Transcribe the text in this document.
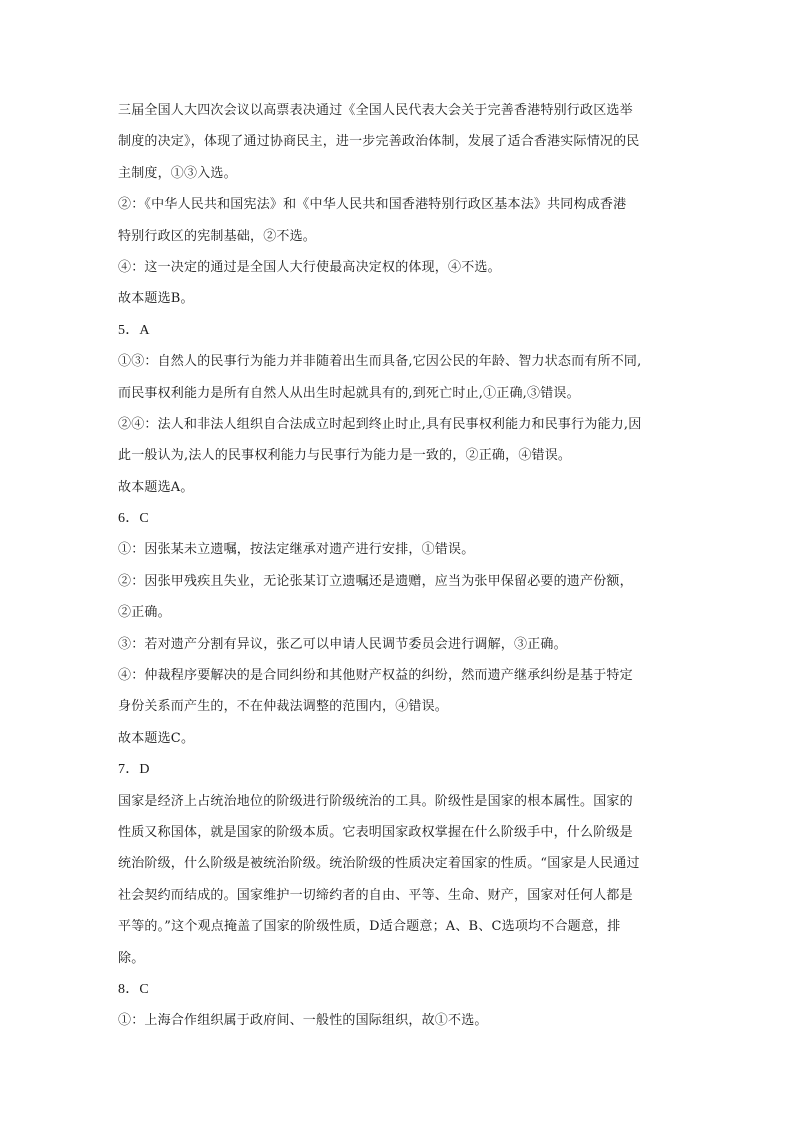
三届全国人大四次会议以高票表决通过《全国人民代表大会关于完善香港特别行政区选举
制度的决定》，体现了通过协商民主，进一步完善政治体制，发展了适合香港实际情况的民
主制度，①③入选。
②：《中华人民共和国宪法》和《中华人民共和国香港特别行政区基本法》共同构成香港
特别行政区的宪制基础，②不选。
④：这一决定的通过是全国人大行使最高决定权的体现，④不选。
故本题选B。
5．A
①③：自然人的民事行为能力并非随着出生而具备,它因公民的年龄、智力状态而有所不同,
而民事权利能力是所有自然人从出生时起就具有的,到死亡时止,①正确,③错误。
②④：法人和非法人组织自合法成立时起到终止时止,具有民事权利能力和民事行为能力,因
此一般认为,法人的民事权利能力与民事行为能力是一致的，②正确，④错误。
故本题选A。
6．C
①：因张某未立遗嘱，按法定继承对遗产进行安排，①错误。
②：因张甲残疾且失业，无论张某订立遗嘱还是遗赠，应当为张甲保留必要的遗产份额，
②正确。
③：若对遗产分割有异议，张乙可以申请人民调节委员会进行调解，③正确。
④：仲裁程序要解决的是合同纠纷和其他财产权益的纠纷，然而遗产继承纠纷是基于特定
身份关系而产生的，不在仲裁法调整的范围内，④错误。
故本题选C。
7．D
国家是经济上占统治地位的阶级进行阶级统治的工具。阶级性是国家的根本属性。国家的
性质又称国体，就是国家的阶级本质。它表明国家政权掌握在什么阶级手中，什么阶级是
统治阶级，什么阶级是被统治阶级。统治阶级的性质决定着国家的性质。“国家是人民通过
社会契约而结成的。国家维护一切缔约者的自由、平等、生命、财产，国家对任何人都是
平等的。”这个观点掩盖了国家的阶级性质，D适合题意；A、B、C选项均不合题意，排
除。
8．C
①：上海合作组织属于政府间、一般性的国际组织，故①不选。
